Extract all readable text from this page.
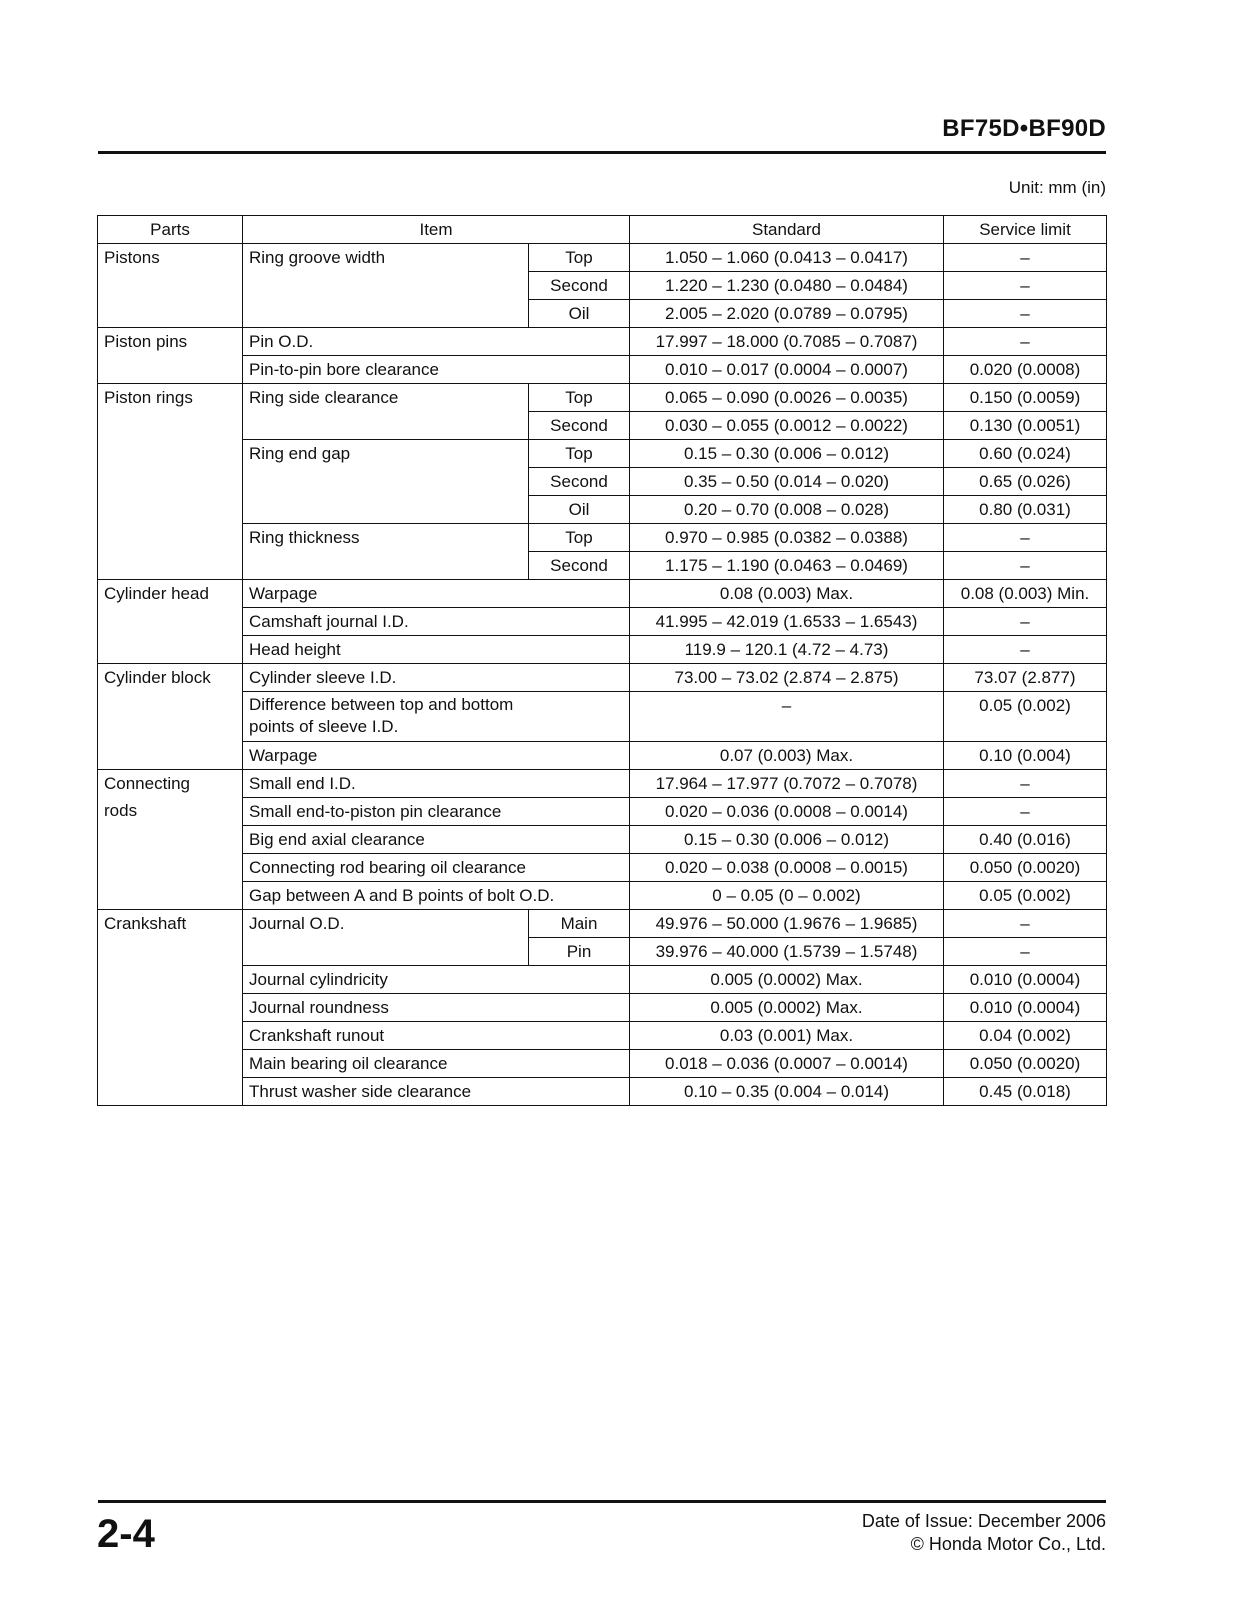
BF75D•BF90D
Unit: mm (in)
Parts	Item		Standard	Service limit
Pistons	Ring groove width	Top	1.050 – 1.060 (0.0413 – 0.0417)	–
		Second	1.220 – 1.230 (0.0480 – 0.0484)	–
		Oil	2.005 – 2.020 (0.0789 – 0.0795)	–
Piston pins	Pin O.D.		17.997 – 18.000 (0.7085 – 0.7087)	–
	Pin-to-pin bore clearance		0.010 – 0.017 (0.0004 – 0.0007)	0.020 (0.0008)
Piston rings	Ring side clearance	Top	0.065 – 0.090 (0.0026 – 0.0035)	0.150 (0.0059)
		Second	0.030 – 0.055 (0.0012 – 0.0022)	0.130 (0.0051)
	Ring end gap	Top	0.15 – 0.30 (0.006 – 0.012)	0.60 (0.024)
		Second	0.35 – 0.50 (0.014 – 0.020)	0.65 (0.026)
		Oil	0.20 – 0.70 (0.008 – 0.028)	0.80 (0.031)
	Ring thickness	Top	0.970 – 0.985 (0.0382 – 0.0388)	–
		Second	1.175 – 1.190 (0.0463 – 0.0469)	–
Cylinder head	Warpage		0.08 (0.003) Max.	0.08 (0.003) Min.
	Camshaft journal I.D.		41.995 – 42.019 (1.6533 – 1.6543)	–
	Head height		119.9 – 120.1 (4.72 – 4.73)	–
Cylinder block	Cylinder sleeve I.D.		73.00 – 73.02 (2.874 – 2.875)	73.07 (2.877)
	Difference between top and bottom points of sleeve I.D.		–	0.05 (0.002)
	Warpage		0.07 (0.003) Max.	0.10 (0.004)
Connecting rods	Small end I.D.		17.964 – 17.977 (0.7072 – 0.7078)	–
	Small end-to-piston pin clearance		0.020 – 0.036 (0.0008 – 0.0014)	–
	Big end axial clearance		0.15 – 0.30 (0.006 – 0.012)	0.40 (0.016)
	Connecting rod bearing oil clearance		0.020 – 0.038 (0.0008 – 0.0015)	0.050 (0.0020)
	Gap between A and B points of bolt O.D.		0 – 0.05 (0 – 0.002)	0.05 (0.002)
Crankshaft	Journal O.D.	Main	49.976 – 50.000 (1.9676 – 1.9685)	–
		Pin	39.976 – 40.000 (1.5739 – 1.5748)	–
	Journal cylindricity		0.005 (0.0002) Max.	0.010 (0.0004)
	Journal roundness		0.005 (0.0002) Max.	0.010 (0.0004)
	Crankshaft runout		0.03 (0.001) Max.	0.04 (0.002)
	Main bearing oil clearance		0.018 – 0.036 (0.0007 – 0.0014)	0.050 (0.0020)
	Thrust washer side clearance		0.10 – 0.35 (0.004 – 0.014)	0.45 (0.018)
2-4	Date of Issue: December 2006
© Honda Motor Co., Ltd.
